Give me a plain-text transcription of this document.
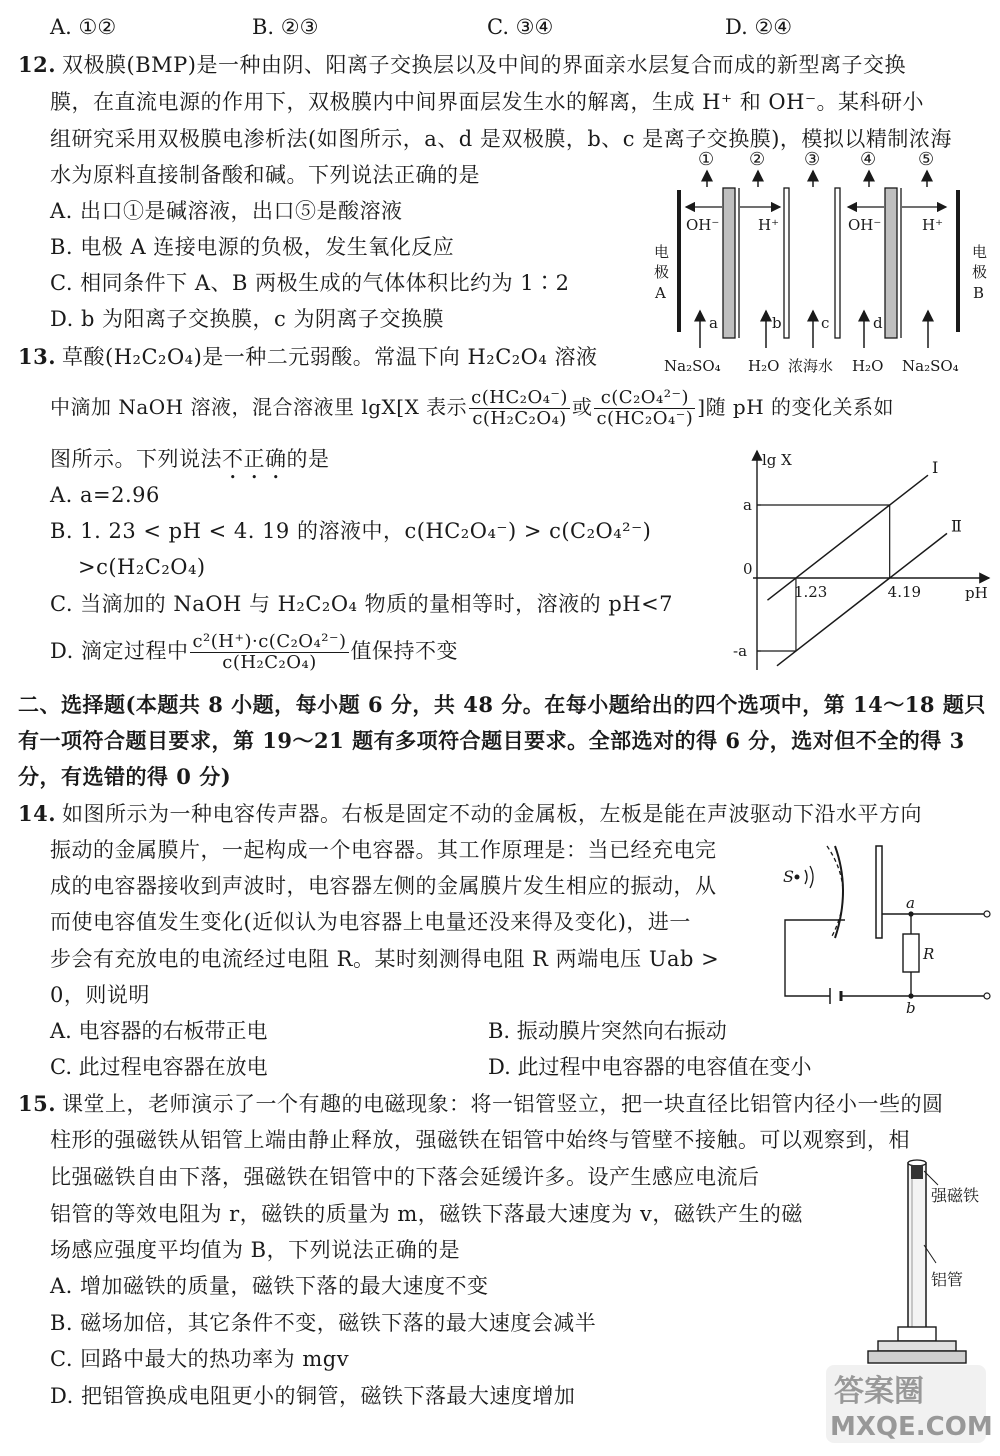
A. ①②	B. ②③	C. ③④	D. ②④
12. 双极膜(BMP)是一种由阴、阳离子交换层以及中间的界面亲水层复合而成的新型离子交换
膜，在直流电源的作用下，双极膜内中间界面层发生水的解离，生成 H⁺ 和 OH⁻。某科研小
组研究采用双极膜电渗析法(如图所示，a、d 是双极膜，b、c 是离子交换膜)，模拟以精制浓海
水为原料直接制备酸和碱。下列说法正确的是
A. 出口①是碱溶液，出口⑤是酸溶液
B. 电极 A 连接电源的负极，发生氧化反应
C. 相同条件下 A、B 两极生成的气体体积比约为 1∶2
D. b 为阳离子交换膜，c 为阴离子交换膜
① ② ③ ④ ⑤
OH⁻	H⁺	OH⁻	H⁺
电
极
A
电
极
B
a	b	c	d
Na₂SO₄ H₂O 浓海水 H₂O Na₂SO₄
13. 草酸(H₂C₂O₄)是一种二元弱酸。常温下向 H₂C₂O₄ 溶液
中滴加 NaOH 溶液，混合溶液里 lgX[X 表示 $\frac{\text{c(HC₂O₄⁻)}}{\text{c(H₂C₂O₄)}}$ 或 $\frac{\text{c(C₂O₄²⁻)}}{\text{c(HC₂O₄⁻)}}$ ]随 pH 的变化关系如
图所示。下列说法不正确的是
A. a=2.96
B. 1. 23 < pH < 4. 19 的溶液中，c(HC₂O₄⁻) > c(C₂O₄²⁻)
>c(H₂C₂O₄)
C. 当滴加的 NaOH 与 H₂C₂O₄ 物质的量相等时，溶液的 pH<7
D. 滴定过程中 $\frac{\text{c²(H⁺)·c(C₂O₄²⁻)}}{\text{c(H₂C₂O₄)}}$ 值保持不变
lg X
pH
a
0
-a
1.23	4.19
Ⅰ
Ⅱ
二、选择题(本题共 8 小题，每小题 6 分，共 48 分。在每小题给出的四个选项中，第 14～18 题只
有一项符合题目要求，第 19～21 题有多项符合题目要求。全部选对的得 6 分，选对但不全的得 3
分，有选错的得 0 分)
14. 如图所示为一种电容传声器。右板是固定不动的金属板，左板是能在声波驱动下沿水平方向
振动的金属膜片，一起构成一个电容器。其工作原理是：当已经充电完
成的电容器接收到声波时，电容器左侧的金属膜片发生相应的振动，从
而使电容值发生变化(近似认为电容器上电量还没来得及变化)，进一
步会有充放电的电流经过电阻 R。某时刻测得电阻 R 两端电压 Uab >
0，则说明
A. 电容器的右板带正电	B. 振动膜片突然向右振动
C. 此过程电容器在放电	D. 此过程中电容器的电容值在变小
S
R
a
b
15. 课堂上，老师演示了一个有趣的电磁现象：将一铝管竖立，把一块直径比铝管内径小一些的圆
柱形的强磁铁从铝管上端由静止释放，强磁铁在铝管中始终与管壁不接触。可以观察到，相
比强磁铁自由下落，强磁铁在铝管中的下落会延缓许多。设产生感应电流后
铝管的等效电阻为 r，磁铁的质量为 m，磁铁下落最大速度为 v，磁铁产生的磁
场感应强度平均值为 B，下列说法正确的是
A. 增加磁铁的质量，磁铁下落的最大速度不变
B. 磁场加倍，其它条件不变，磁铁下落的最大速度会减半
C. 回路中最大的热功率为 mgv
D. 把铝管换成电阻更小的铜管，磁铁下落最大速度增加
强磁铁
铝管
答案圈
MXQE.COM
